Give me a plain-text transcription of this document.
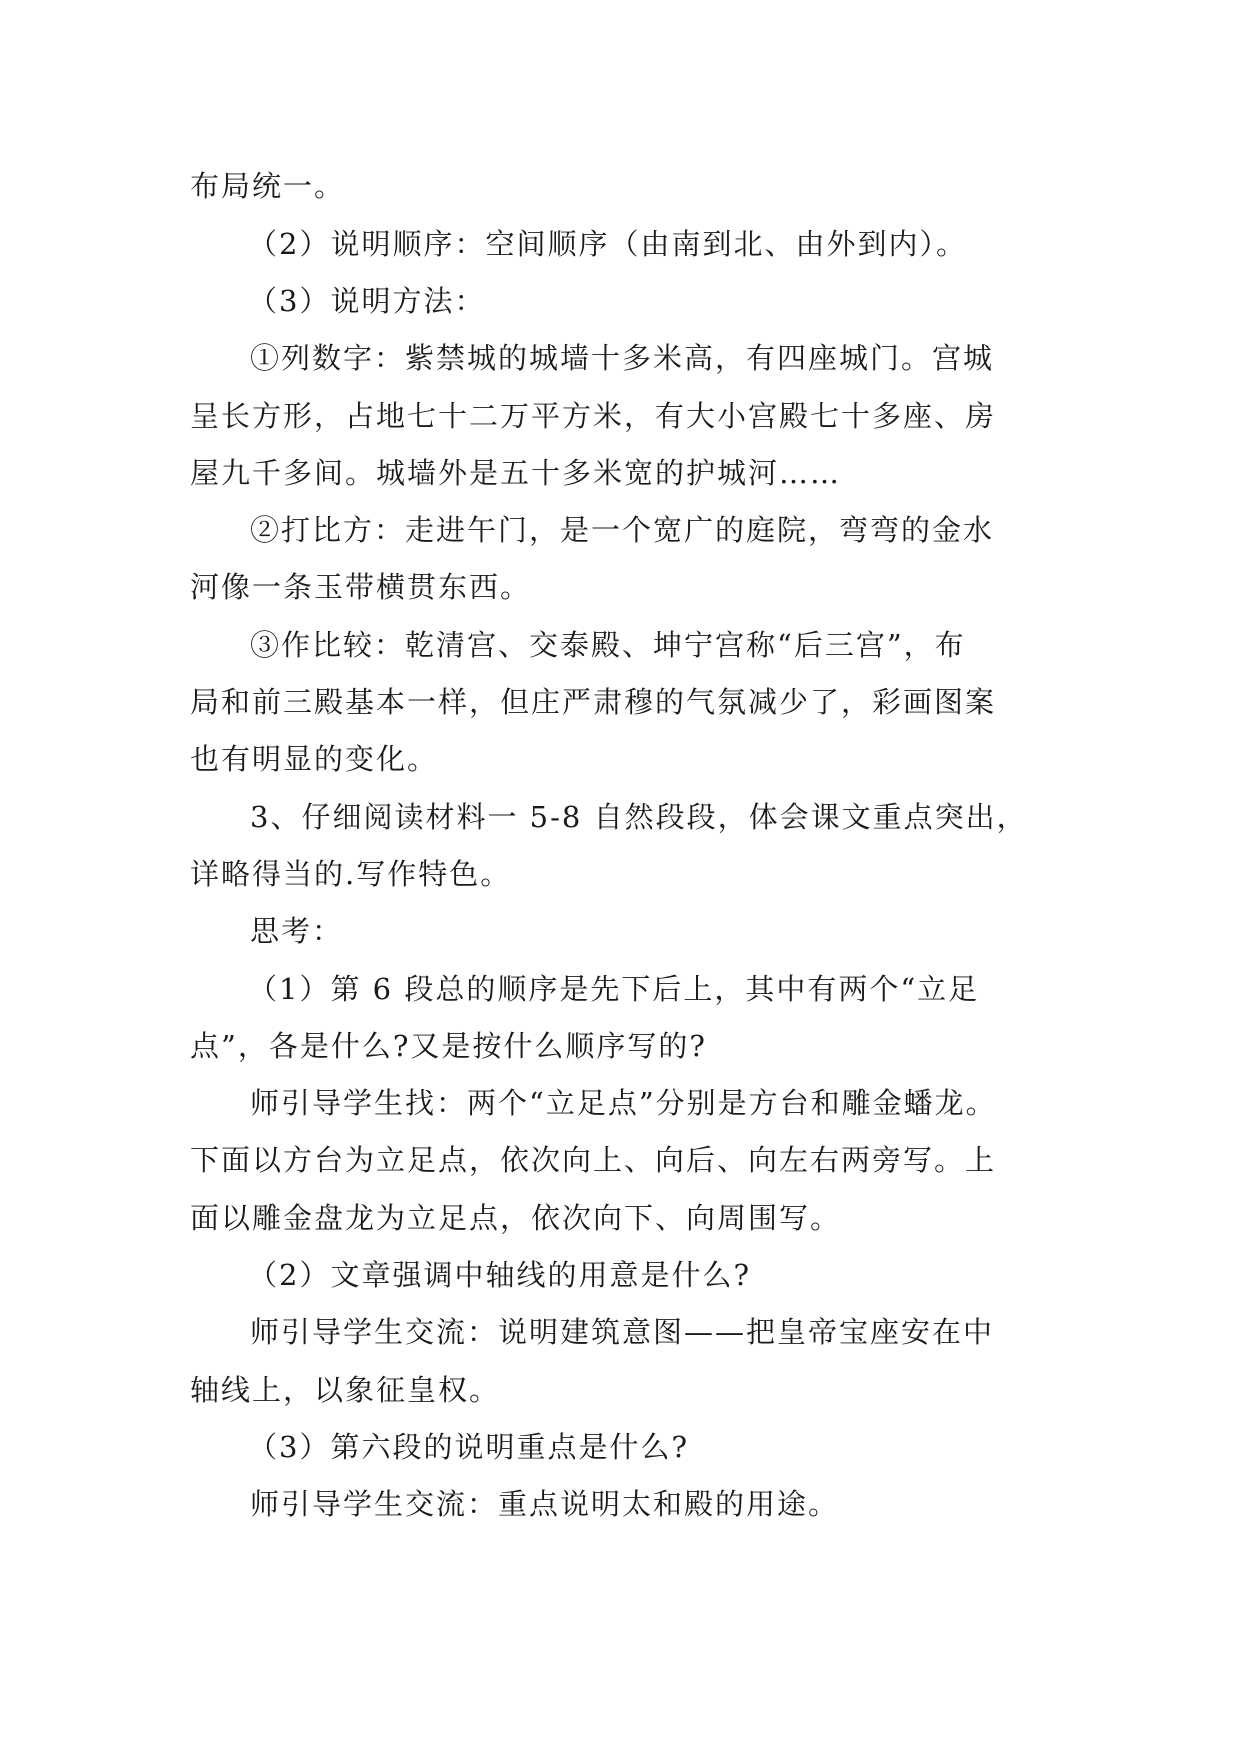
布局统一。
（2）说明顺序：空间顺序（由南到北、由外到内）。
（3）说明方法：
①列数字：紫禁城的城墙十多米高，有四座城门。宫城
呈长方形，占地七十二万平方米，有大小宫殿七十多座、房
屋九千多间。城墙外是五十多米宽的护城河……
②打比方：走进午门，是一个宽广的庭院，弯弯的金水
河像一条玉带横贯东西。
③作比较：乾清宫、交泰殿、坤宁宫称“后三宫”，布
局和前三殿基本一样，但庄严肃穆的气氛减少了，彩画图案
也有明显的变化。
3、仔细阅读材料一 5-8 自然段段，体会课文重点突出，
详略得当的.写作特色。
思考：
（1）第 6 段总的顺序是先下后上，其中有两个“立足
点”，各是什么?又是按什么顺序写的?
师引导学生找：两个“立足点”分别是方台和雕金蟠龙。
下面以方台为立足点，依次向上、向后、向左右两旁写。上
面以雕金盘龙为立足点，依次向下、向周围写。
（2）文章强调中轴线的用意是什么?
师引导学生交流：说明建筑意图——把皇帝宝座安在中
轴线上，以象征皇权。
（3）第六段的说明重点是什么?
师引导学生交流：重点说明太和殿的用途。
